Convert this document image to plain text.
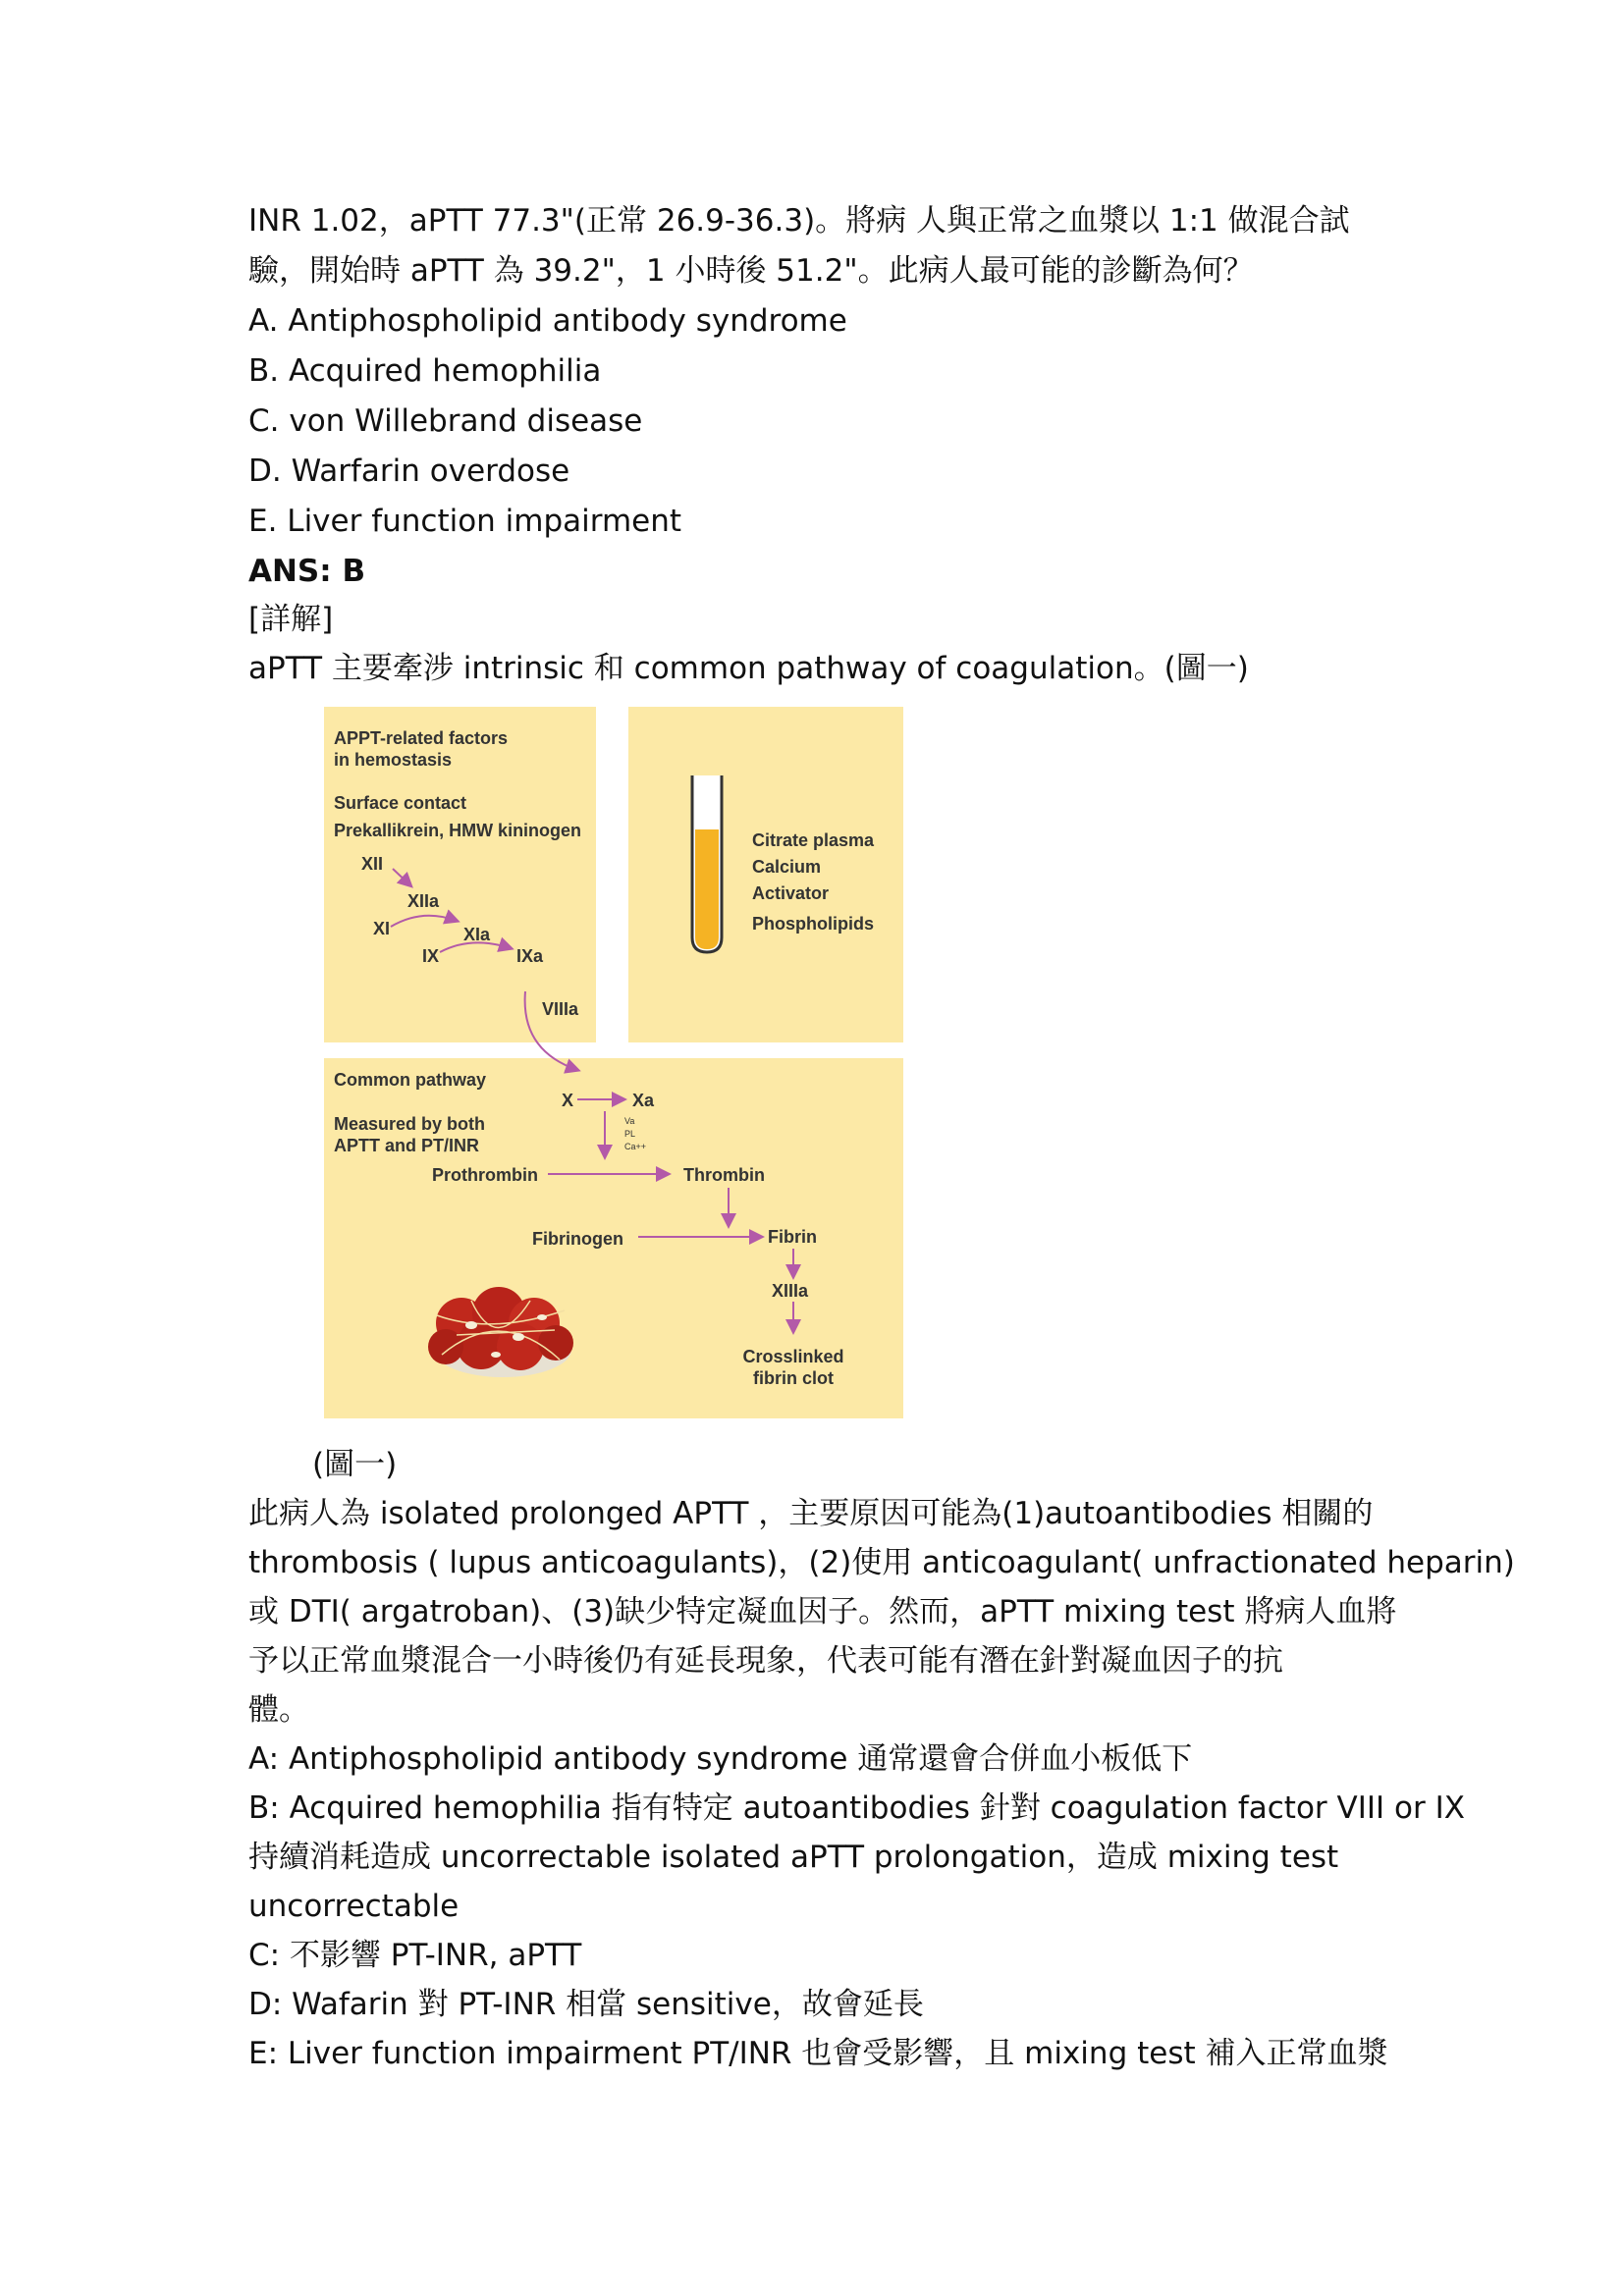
INR 1.02，aPTT 77.3"(正常 26.9-36.3)。將病 人與正常之血漿以 1:1 做混合試

驗，開始時 aPTT 為 39.2"，1 小時後 51.2"。此病人最可能的診斷為何？

A. Antiphospholipid antibody syndrome

B. Acquired hemophilia

C. von Willebrand disease

D. Warfarin overdose

E. Liver function impairment

ANS: B

[詳解]

aPTT 主要牽涉 intrinsic 和 common pathway of coagulation。(圖一)

APPT-related factors
in hemostasis
Surface contact
Prekallikrein, HMW kininogen
XII
XIIa
XI	XIa
IX	IXa
VIIIa
Citrate plasma
Calcium
Activator
Phospholipids
Common pathway
Measured by both
APTT and PT/INR
X	Xa
Va
PL
Ca++
Prothrombin	Thrombin
Fibrinogen	Fibrin
XIIIa
Crosslinked
fibrin clot

(圖一)

此病人為 isolated prolonged APTT ，主要原因可能為(1)autoantibodies 相關的

thrombosis ( lupus anticoagulants)，(2)使用 anticoagulant( unfractionated heparin)

或 DTI( argatroban)、(3)缺少特定凝血因子。然而，aPTT mixing test 將病人血將

予以正常血漿混合一小時後仍有延長現象，代表可能有潛在針對凝血因子的抗

體。

A: Antiphospholipid antibody syndrome 通常還會合併血小板低下

B: Acquired hemophilia 指有特定 autoantibodies 針對 coagulation factor VIII or IX

持續消耗造成 uncorrectable isolated aPTT prolongation，造成 mixing test

uncorrectable

C: 不影響 PT-INR, aPTT

D: Wafarin 對 PT-INR 相當 sensitive，故會延長

E: Liver function impairment PT/INR 也會受影響，且 mixing test 補入正常血漿
